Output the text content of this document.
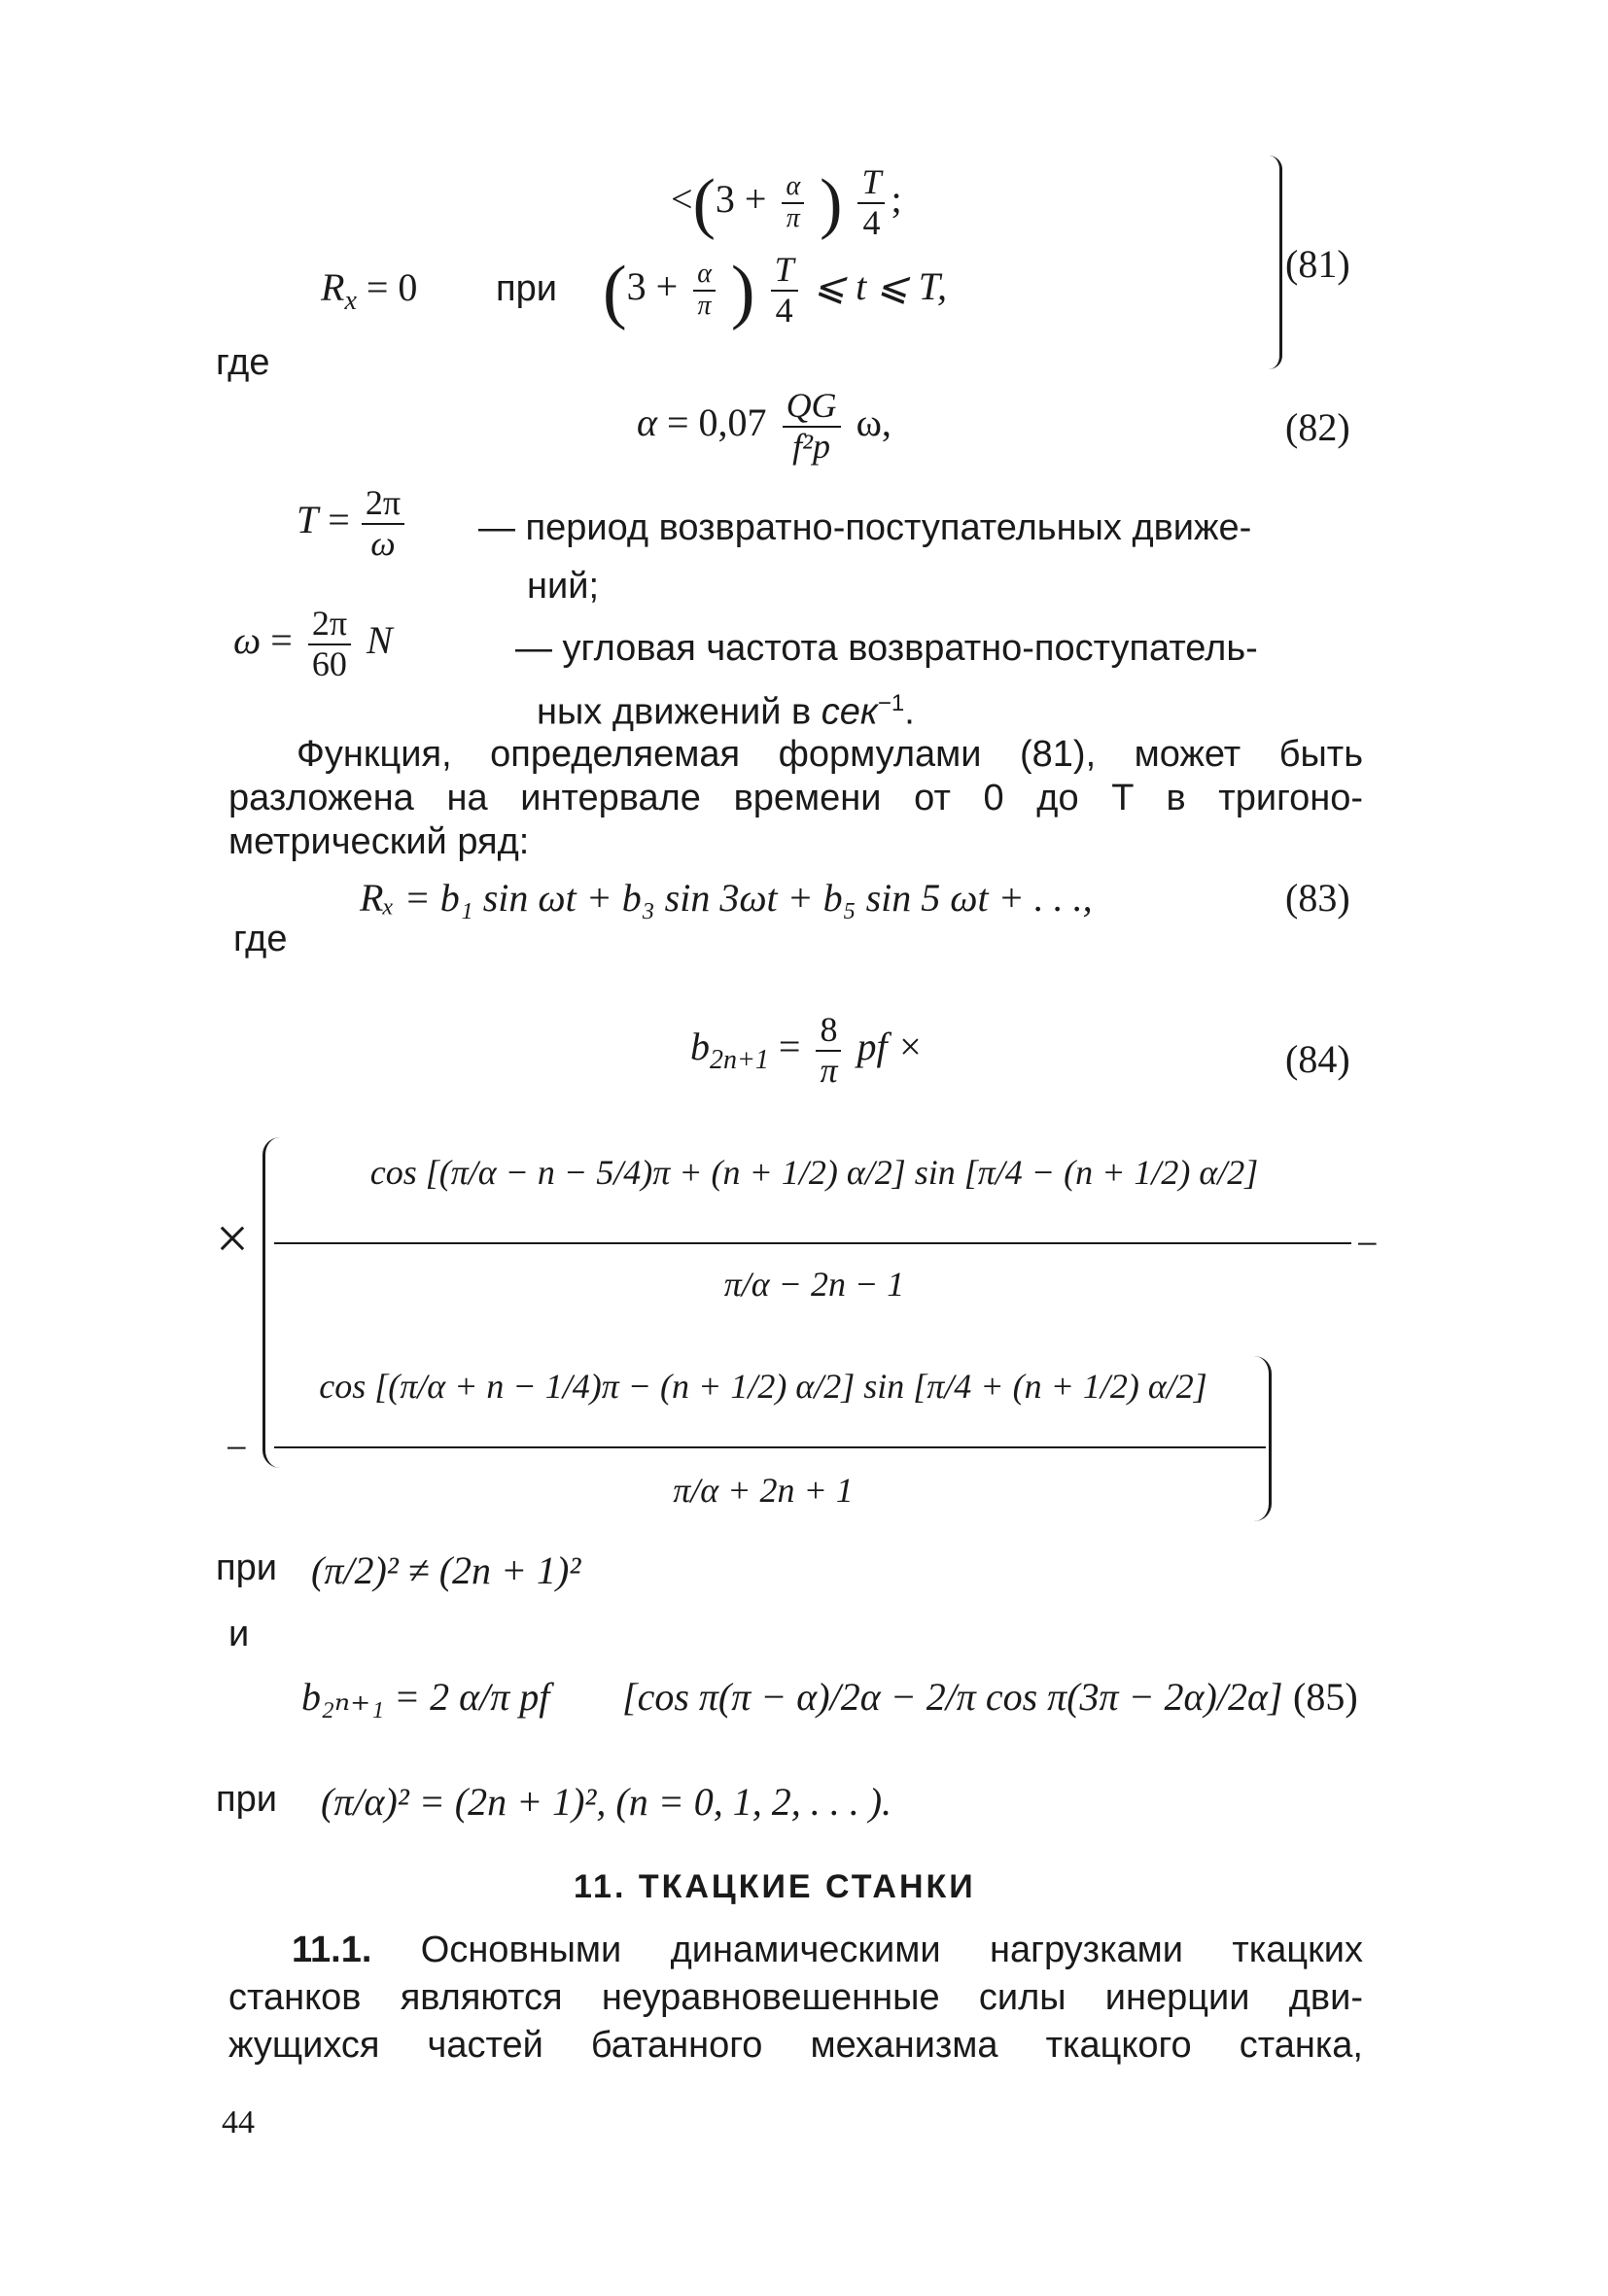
$<(3 + \frac{\alpha}{\pi}$ ) $\frac{T}{4}$ ;
$R_x = 0$ при ($3 + \frac{\alpha}{\pi}$ ) $\frac{T}{4}$ ⩽ t ⩽ T,
(81)
где
$\alpha = 0,07 \frac{QG}{\text{f²p}} \omega$,	(82)
$T = \frac{2\pi}{\omega}$ — период возвратно-поступательных движе-
ний;
$\omega = \frac{2\pi}{60}$ N	— угловая частота возвратно-поступатель-
ных движений в сек$^{-1}$.
Функция, определяемая формулами (81), может быть
разложена на интервале времени от 0 до T в тригоно-
метрический ряд:
Rₓ = b₁ sin ωt + b₃ sin 3ωt + b₅ sin 5 ωt + . . .,	(83)
где
$b_{2n+1} = \frac{8}{\pi}$ pf ×	(84)
×
cos [(π/α − n − 5/4)π + (n + 1/2) α/2] sin [π/4 − (n + 1/2) α/2]
π/α − 2n − 1
−
−
cos [(π/α + n − 1/4)π − (n + 1/2) α/2] sin [π/4 + (n + 1/2) α/2]
π/α + 2n + 1
при (π/2)² ≠ (2n + 1)²
и
b₂ₙ₊₁ = 2 α/π pf [cos π(π − α)/2α − 2/π cos π(3π − 2α)/2α] (85)
при (π/α)² = (2n + 1)², (n = 0, 1, 2, . . . ).
11. ТКАЦКИЕ СТАНКИ
11.1. Основными динамическими нагрузками ткацких
станков являются неуравновешенные силы инерции дви-
жущихся частей батанного механизма ткацкого станка,
44
